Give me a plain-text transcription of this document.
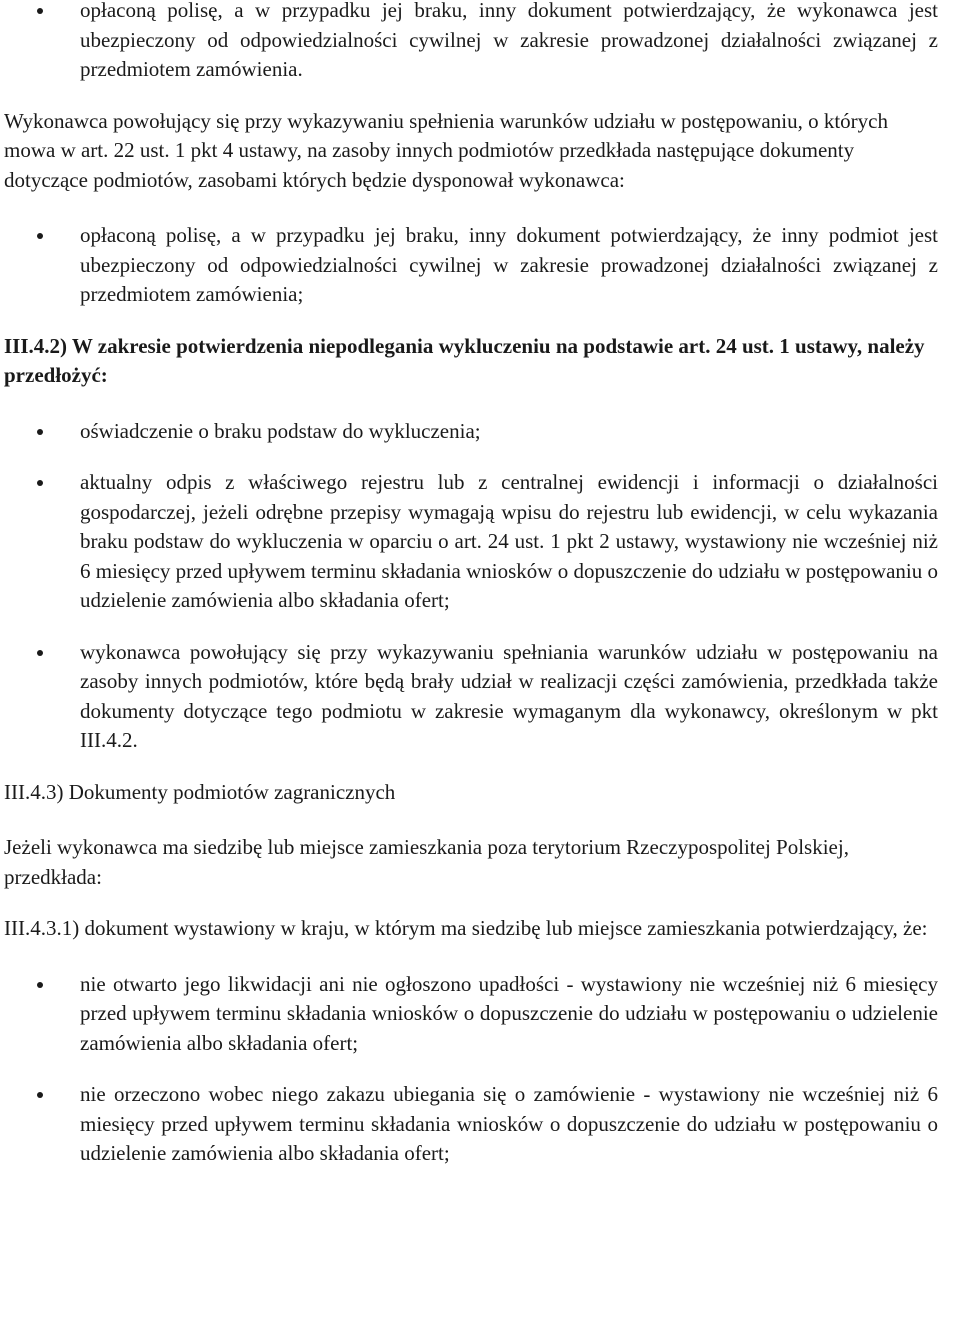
opłaconą polisę, a w przypadku jej braku, inny dokument potwierdzający, że wykonawca jest ubezpieczony od odpowiedzialności cywilnej w zakresie prowadzonej działalności związanej z przedmiotem zamówienia.

Wykonawca powołujący się przy wykazywaniu spełnienia warunków udziału w postępowaniu, o których mowa w art. 22 ust. 1 pkt 4 ustawy, na zasoby innych podmiotów przedkłada następujące dokumenty dotyczące podmiotów, zasobami których będzie dysponował wykonawca:

opłaconą polisę, a w przypadku jej braku, inny dokument potwierdzający, że inny podmiot jest ubezpieczony od odpowiedzialności cywilnej w zakresie prowadzonej działalności związanej z przedmiotem zamówienia;

III.4.2) W zakresie potwierdzenia niepodlegania wykluczeniu na podstawie art. 24 ust. 1 ustawy, należy przedłożyć:

oświadczenie o braku podstaw do wykluczenia;
aktualny odpis z właściwego rejestru lub z centralnej ewidencji i informacji o działalności gospodarczej, jeżeli odrębne przepisy wymagają wpisu do rejestru lub ewidencji, w celu wykazania braku podstaw do wykluczenia w oparciu o art. 24 ust. 1 pkt 2 ustawy, wystawiony nie wcześniej niż 6 miesięcy przed upływem terminu składania wniosków o dopuszczenie do udziału w postępowaniu o udzielenie zamówienia albo składania ofert;
wykonawca powołujący się przy wykazywaniu spełniania warunków udziału w postępowaniu na zasoby innych podmiotów, które będą brały udział w realizacji części zamówienia, przedkłada także dokumenty dotyczące tego podmiotu w zakresie wymaganym dla wykonawcy, określonym w pkt III.4.2.

III.4.3) Dokumenty podmiotów zagranicznych

Jeżeli wykonawca ma siedzibę lub miejsce zamieszkania poza terytorium Rzeczypospolitej Polskiej, przedkłada:

III.4.3.1) dokument wystawiony w kraju, w którym ma siedzibę lub miejsce zamieszkania potwierdzający, że:

nie otwarto jego likwidacji ani nie ogłoszono upadłości - wystawiony nie wcześniej niż 6 miesięcy przed upływem terminu składania wniosków o dopuszczenie do udziału w postępowaniu o udzielenie zamówienia albo składania ofert;
nie orzeczono wobec niego zakazu ubiegania się o zamówienie - wystawiony nie wcześniej niż 6 miesięcy przed upływem terminu składania wniosków o dopuszczenie do udziału w postępowaniu o udzielenie zamówienia albo składania ofert;
